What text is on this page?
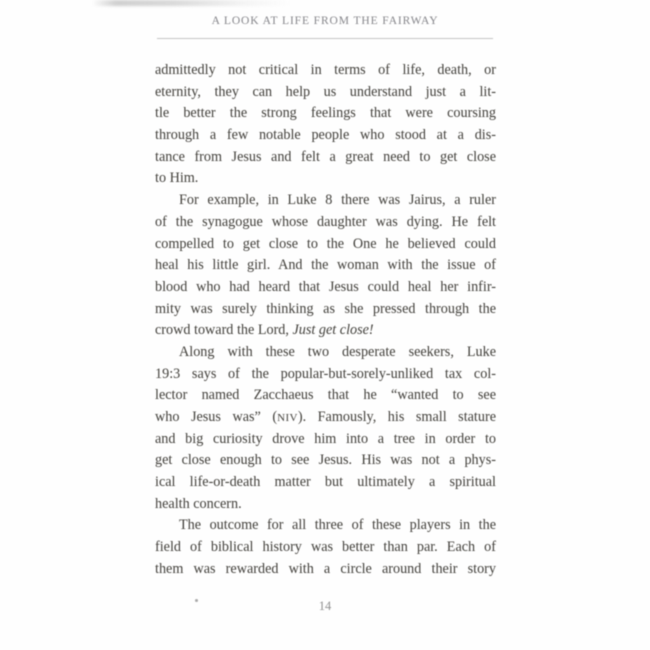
A LOOK AT LIFE FROM THE FAIRWAY
admittedly not critical in terms of life, death, or
eternity, they can help us understand just a lit-
tle better the strong feelings that were coursing
through a few notable people who stood at a dis-
tance from Jesus and felt a great need to get close
to Him.
For example, in Luke 8 there was Jairus, a ruler
of the synagogue whose daughter was dying. He felt
compelled to get close to the One he believed could
heal his little girl. And the woman with the issue of
blood who had heard that Jesus could heal her infir-
mity was surely thinking as she pressed through the
crowd toward the Lord, Just get close!
Along with these two desperate seekers, Luke
19:3 says of the popular-but-sorely-unliked tax col-
lector named Zacchaeus that he “wanted to see
who Jesus was” (NIV). Famously, his small stature
and big curiosity drove him into a tree in order to
get close enough to see Jesus. His was not a phys-
ical life-or-death matter but ultimately a spiritual
health concern.
The outcome for all three of these players in the
field of biblical history was better than par. Each of
them was rewarded with a circle around their story
14
